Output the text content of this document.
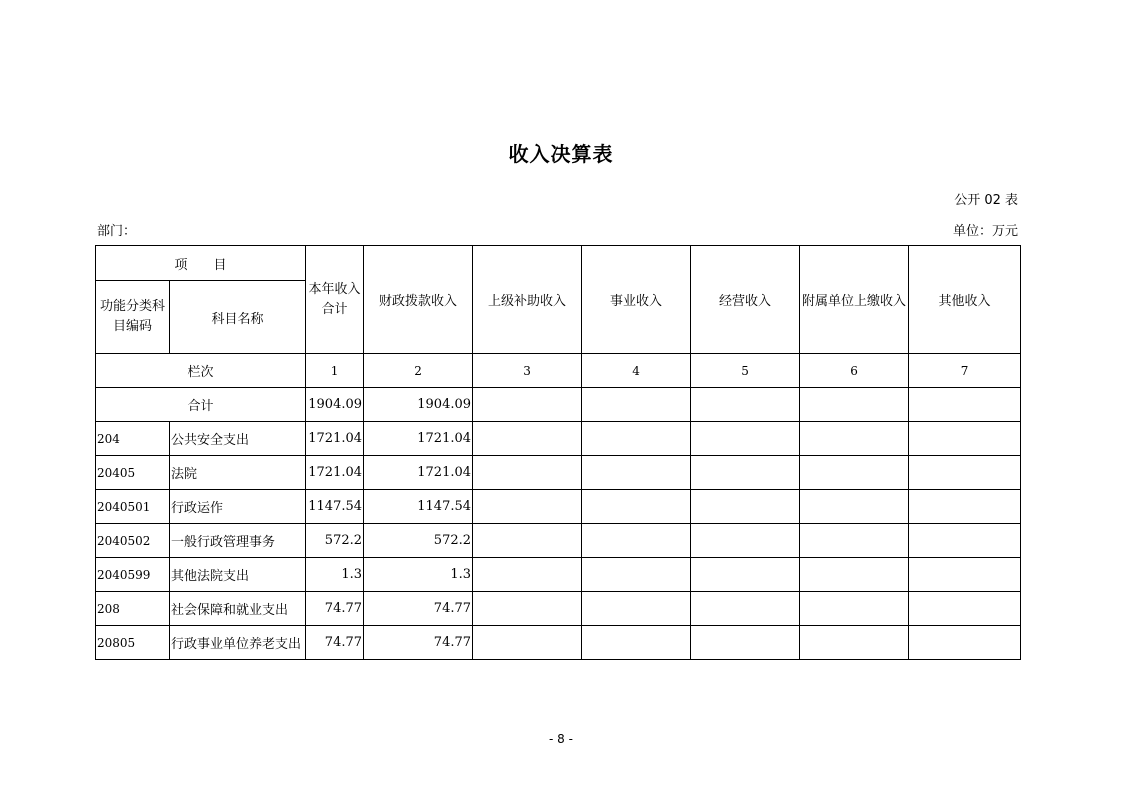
收入决算表
公开 02 表
部门：	单位：万元
项　　目		本年收入合计	财政拨款收入	上级补助收入	事业收入	经营收入	附属单位上缴收入	其他收入
功能分类科目编码	科目名称							
栏次		1	2	3	4	5	6	7
合计		1904.09	1904.09					
204	公共安全支出	1721.04	1721.04					
20405	法院	1721.04	1721.04					
2040501	行政运作	1147.54	1147.54					
2040502	一般行政管理事务	572.2	572.2					
2040599	其他法院支出	1.3	1.3					
208	社会保障和就业支出	74.77	74.77					
20805	行政事业单位养老支出	74.77	74.77					
- 8 -
